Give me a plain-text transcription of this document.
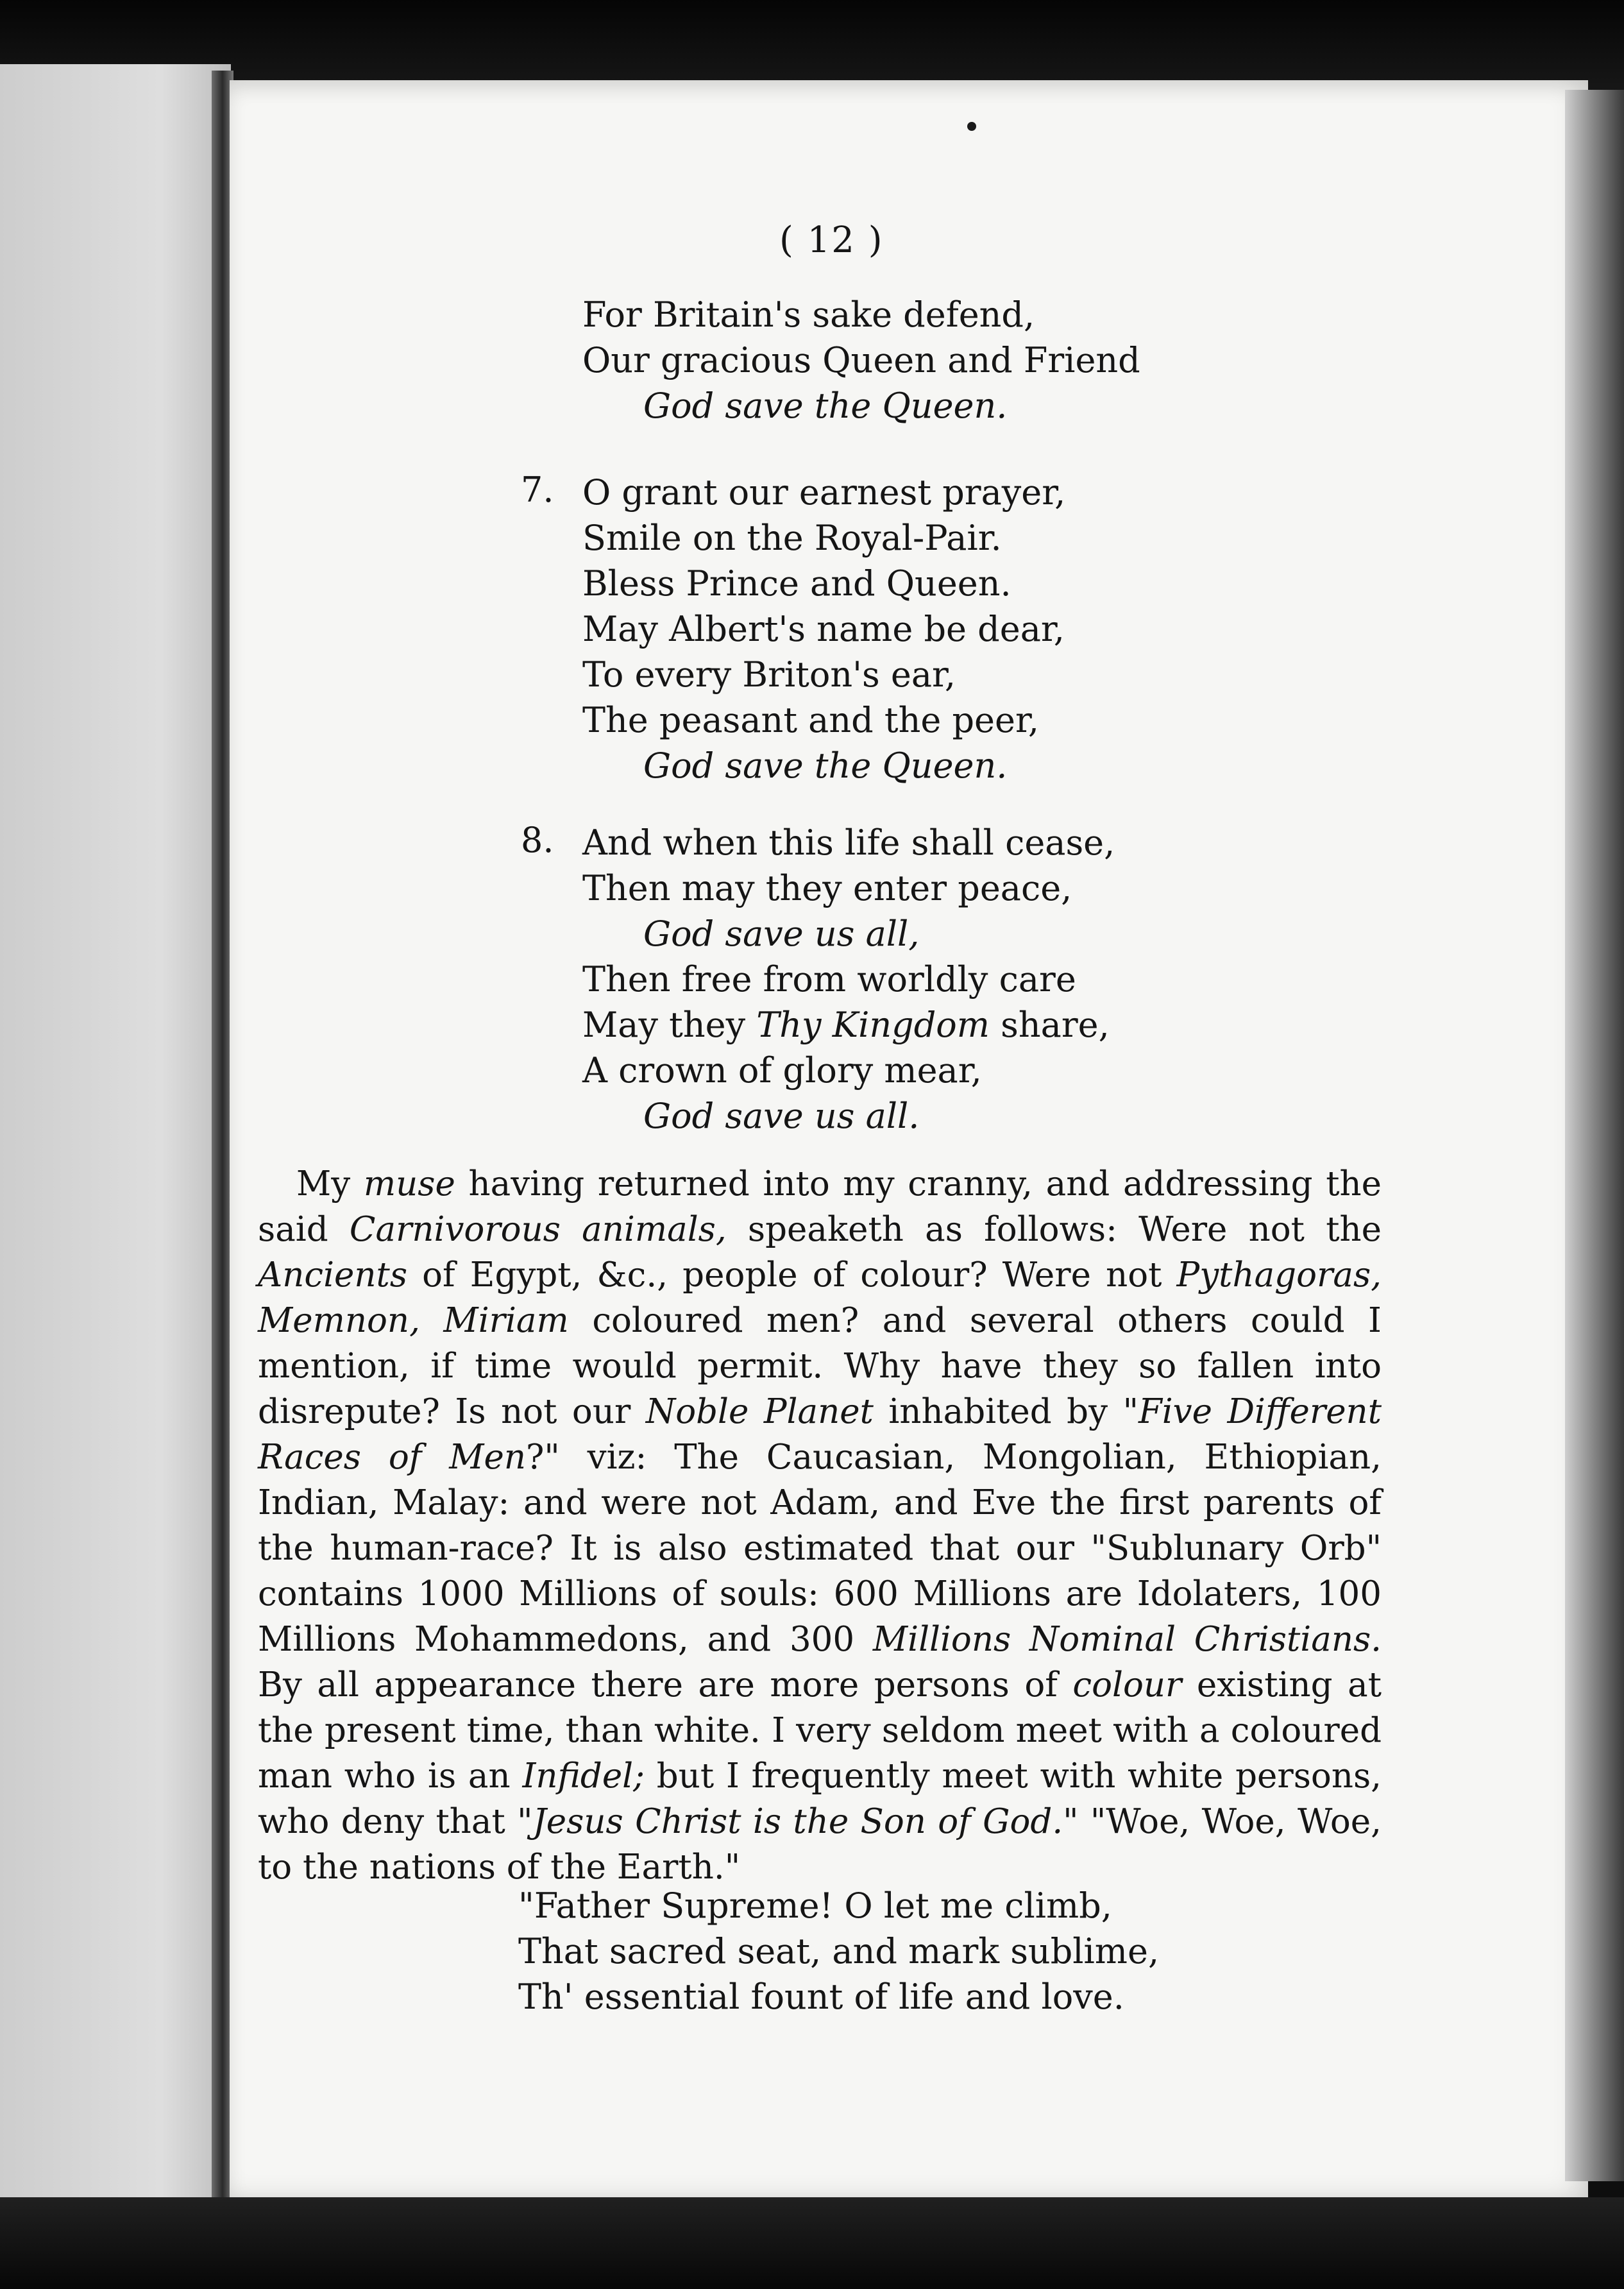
( 12 )
For Britain's sake defend,
Our gracious Queen and Friend
God save the Queen.
7. O grant our earnest prayer,
Smile on the Royal-Pair.
Bless Prince and Queen.
May Albert's name be dear,
To every Briton's ear,
The peasant and the peer,
God save the Queen.
8. And when this life shall cease,
Then may they enter peace,
God save us all,
Then free from worldly care
May they Thy Kingdom share,
A crown of glory mear,
God save us all.

My muse having returned into my cranny, and addressing the said Carnivorous animals, speaketh as follows: Were not the Ancients of Egypt, &c., people of colour? Were not Pythagoras, Memnon, Miriam coloured men? and several others could I mention, if time would permit. Why have they so fallen into disrepute? Is not our Noble Planet inhabited by "Five Different Races of Men?" viz: The Caucasian, Mongolian, Ethiopian, Indian, Malay: and were not Adam, and Eve the first parents of the human-race? It is also estimated that our "Sublunary Orb" contains 1000 Millions of souls: 600 Millions are Idolaters, 100 Millions Mohammedons, and 300 Millions Nominal Christians. By all appearance there are more persons of colour existing at the present time, than white. I very seldom meet with a coloured man who is an Infidel; but I frequently meet with white persons, who deny that "Jesus Christ is the Son of God." "Woe, Woe, Woe, to the nations of the Earth."

"Father Supreme! O let me climb,
That sacred seat, and mark sublime,
Th' essential fount of life and love.
